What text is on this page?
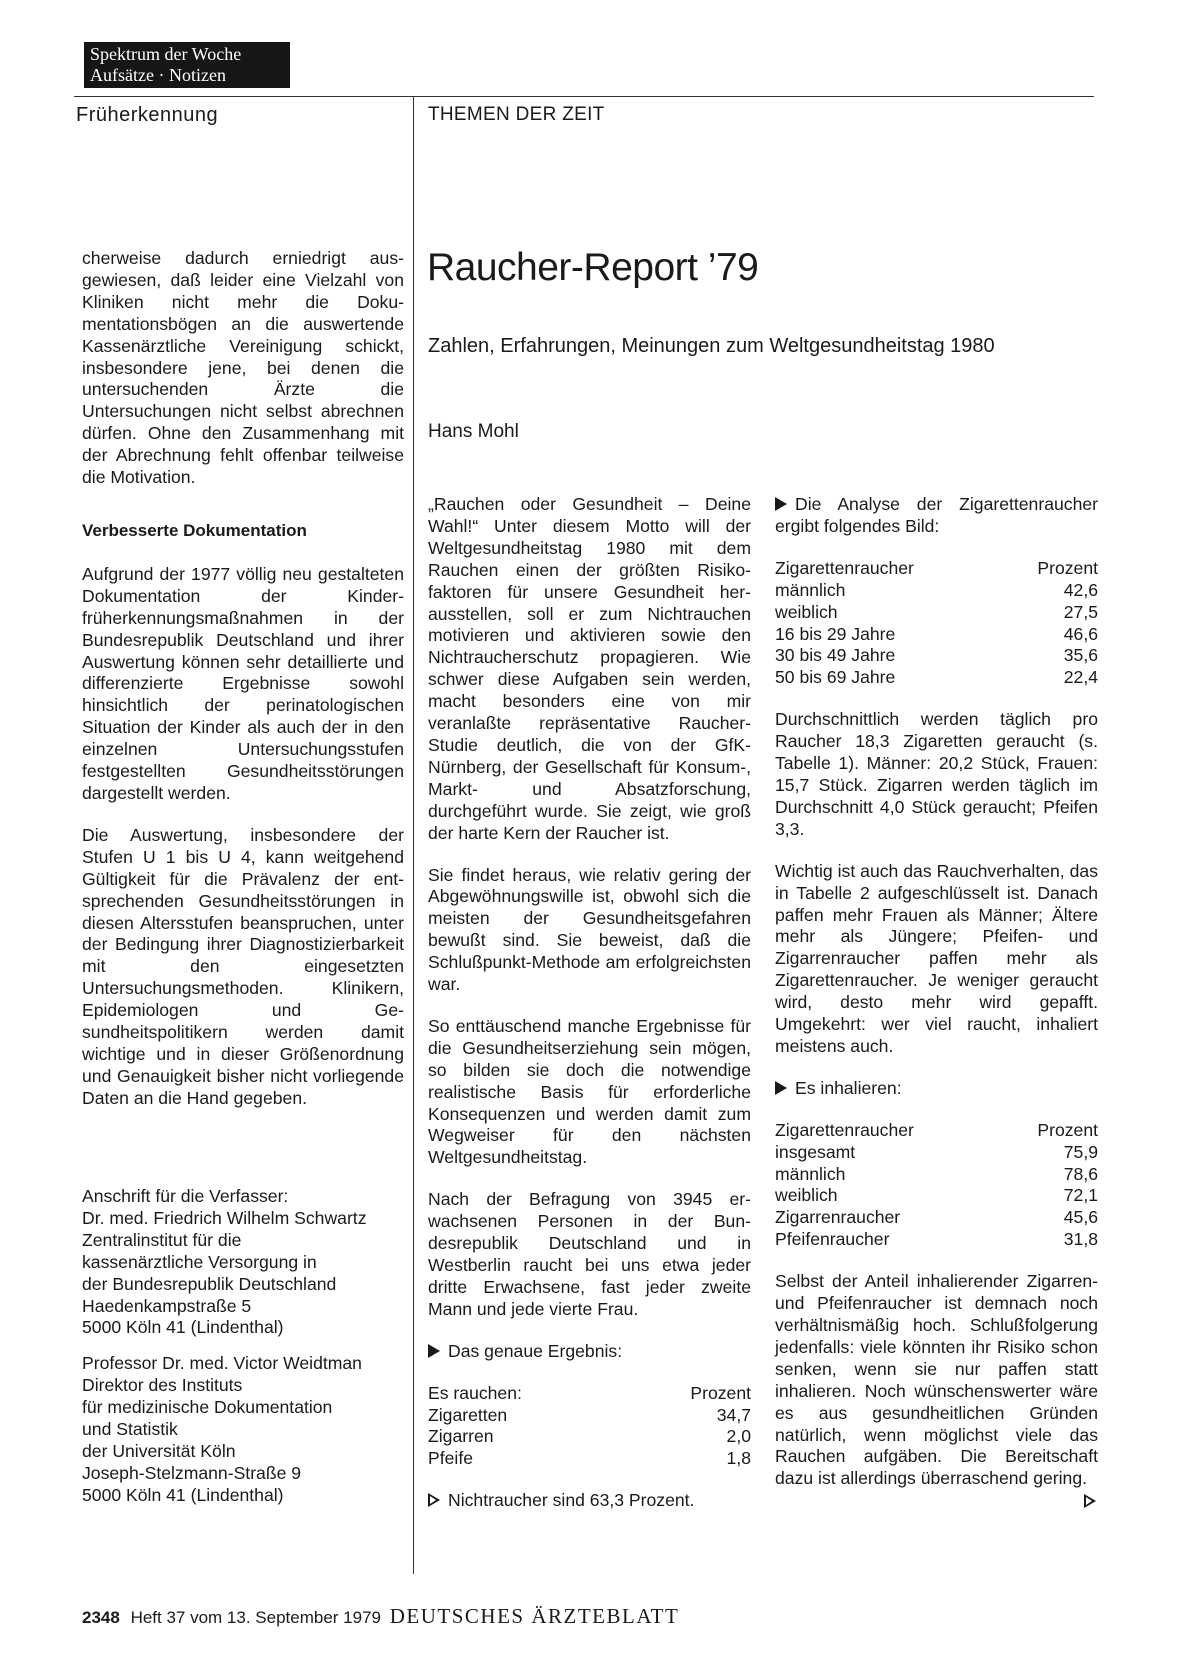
Spektrum der Woche
Aufsätze · Notizen
Früherkennung	THEMEN DER ZEIT

cherweise dadurch erniedrigt ausgewiesen, daß leider eine Vielzahl von Kliniken nicht mehr die Dokumentationsbögen an die auswertende Kassenärztliche Vereinigung schickt, insbesondere jene, bei denen die untersuchenden Ärzte die Untersuchungen nicht selbst abrechnen dürfen. Ohne den Zusammenhang mit der Abrechnung fehlt offenbar teilweise die Motivation.

Verbesserte Dokumentation

Aufgrund der 1977 völlig neu gestalteten Dokumentation der Kinderfrüherkennungsmaßnahmen in der Bundesrepublik Deutschland und ihrer Auswertung können sehr detaillierte und differenzierte Ergebnisse sowohl hinsichtlich der perinatologischen Situation der Kinder als auch der in den einzelnen Untersuchungsstufen festgestellten Gesundheitsstörungen dargestellt werden.

Die Auswertung, insbesondere der Stufen U 1 bis U 4, kann weitgehend Gültigkeit für die Prävalenz der entsprechenden Gesundheitsstörungen in diesen Altersstufen beanspruchen, unter der Bedingung ihrer Diagnostizierbarkeit mit den eingesetzten Untersuchungsmethoden. Klinikern, Epidemiologen und Gesundheitspolitikern werden damit wichtige und in dieser Größenordnung und Genauigkeit bisher nicht vorliegende Daten an die Hand gegeben.

Anschrift für die Verfasser:
Dr. med. Friedrich Wilhelm Schwartz
Zentralinstitut für die
kassenärztliche Versorgung in
der Bundesrepublik Deutschland
Haedenkampstraße 5
5000 Köln 41 (Lindenthal)
Professor Dr. med. Victor Weidtman
Direktor des Instituts
für medizinische Dokumentation
und Statistik
der Universität Köln
Joseph-Stelzmann-Straße 9
5000 Köln 41 (Lindenthal)
Raucher-Report ’79
Zahlen, Erfahrungen, Meinungen zum Weltgesundheitstag 1980
Hans Mohl

„Rauchen oder Gesundheit – Deine Wahl!“ Unter diesem Motto will der Weltgesundheitstag 1980 mit dem Rauchen einen der größten Risikofaktoren für unsere Gesundheit herausstellen, soll er zum Nichtrauchen motivieren und aktivieren sowie den Nichtraucherschutz propagieren. Wie schwer diese Aufgaben sein werden, macht besonders eine von mir veranlaßte repräsentative Raucher-Studie deutlich, die von der GfK-Nürnberg, der Gesellschaft für Konsum-, Markt- und Absatzforschung, durchgeführt wurde. Sie zeigt, wie groß der harte Kern der Raucher ist.

Sie findet heraus, wie relativ gering der Abgewöhnungswille ist, obwohl sich die meisten der Gesundheitsgefahren bewußt sind. Sie beweist, daß die Schlußpunkt-Methode am erfolgreichsten war.

So enttäuschend manche Ergebnisse für die Gesundheitserziehung sein mögen, so bilden sie doch die notwendige realistische Basis für erforderliche Konsequenzen und werden damit zum Wegweiser für den nächsten Weltgesundheitstag.

Nach der Befragung von 3945 erwachsenen Personen in der Bundesrepublik Deutschland und in Westberlin raucht bei uns etwa jeder dritte Erwachsene, fast jeder zweite Mann und jede vierte Frau.

Das genaue Ergebnis:

Es rauchen:	Prozent
Zigaretten	34,7
Zigarren	2,0
Pfeife	1,8

Nichtraucher sind 63,3 Prozent.

Die Analyse der Zigarettenraucher ergibt folgendes Bild:

Zigarettenraucher	Prozent
männlich	42,6
weiblich	27,5
16 bis 29 Jahre	46,6
30 bis 49 Jahre	35,6
50 bis 69 Jahre	22,4

Durchschnittlich werden täglich pro Raucher 18,3 Zigaretten geraucht (s. Tabelle 1). Männer: 20,2 Stück, Frauen: 15,7 Stück. Zigarren werden täglich im Durchschnitt 4,0 Stück geraucht; Pfeifen 3,3.

Wichtig ist auch das Rauchverhalten, das in Tabelle 2 aufgeschlüsselt ist. Danach paffen mehr Frauen als Männer; Ältere mehr als Jüngere; Pfeifen- und Zigarrenraucher paffen mehr als Zigarettenraucher. Je weniger geraucht wird, desto mehr wird gepafft. Umgekehrt: wer viel raucht, inhaliert meistens auch.

Es inhalieren:

Zigarettenraucher	Prozent
insgesamt	75,9
männlich	78,6
weiblich	72,1
Zigarrenraucher	45,6
Pfeifenraucher	31,8

Selbst der Anteil inhalierender Zigarren- und Pfeifenraucher ist demnach noch verhältnismäßig hoch. Schlußfolgerung jedenfalls: viele könnten ihr Risiko schon senken, wenn sie nur paffen statt inhalieren. Noch wünschenswerter wäre es aus gesundheitlichen Gründen natürlich, wenn möglichst viele das Rauchen aufgäben. Die Bereitschaft dazu ist allerdings überraschend gering.

2348 Heft 37 vom 13. September 1979 DEUTSCHES ÄRZTEBLATT
